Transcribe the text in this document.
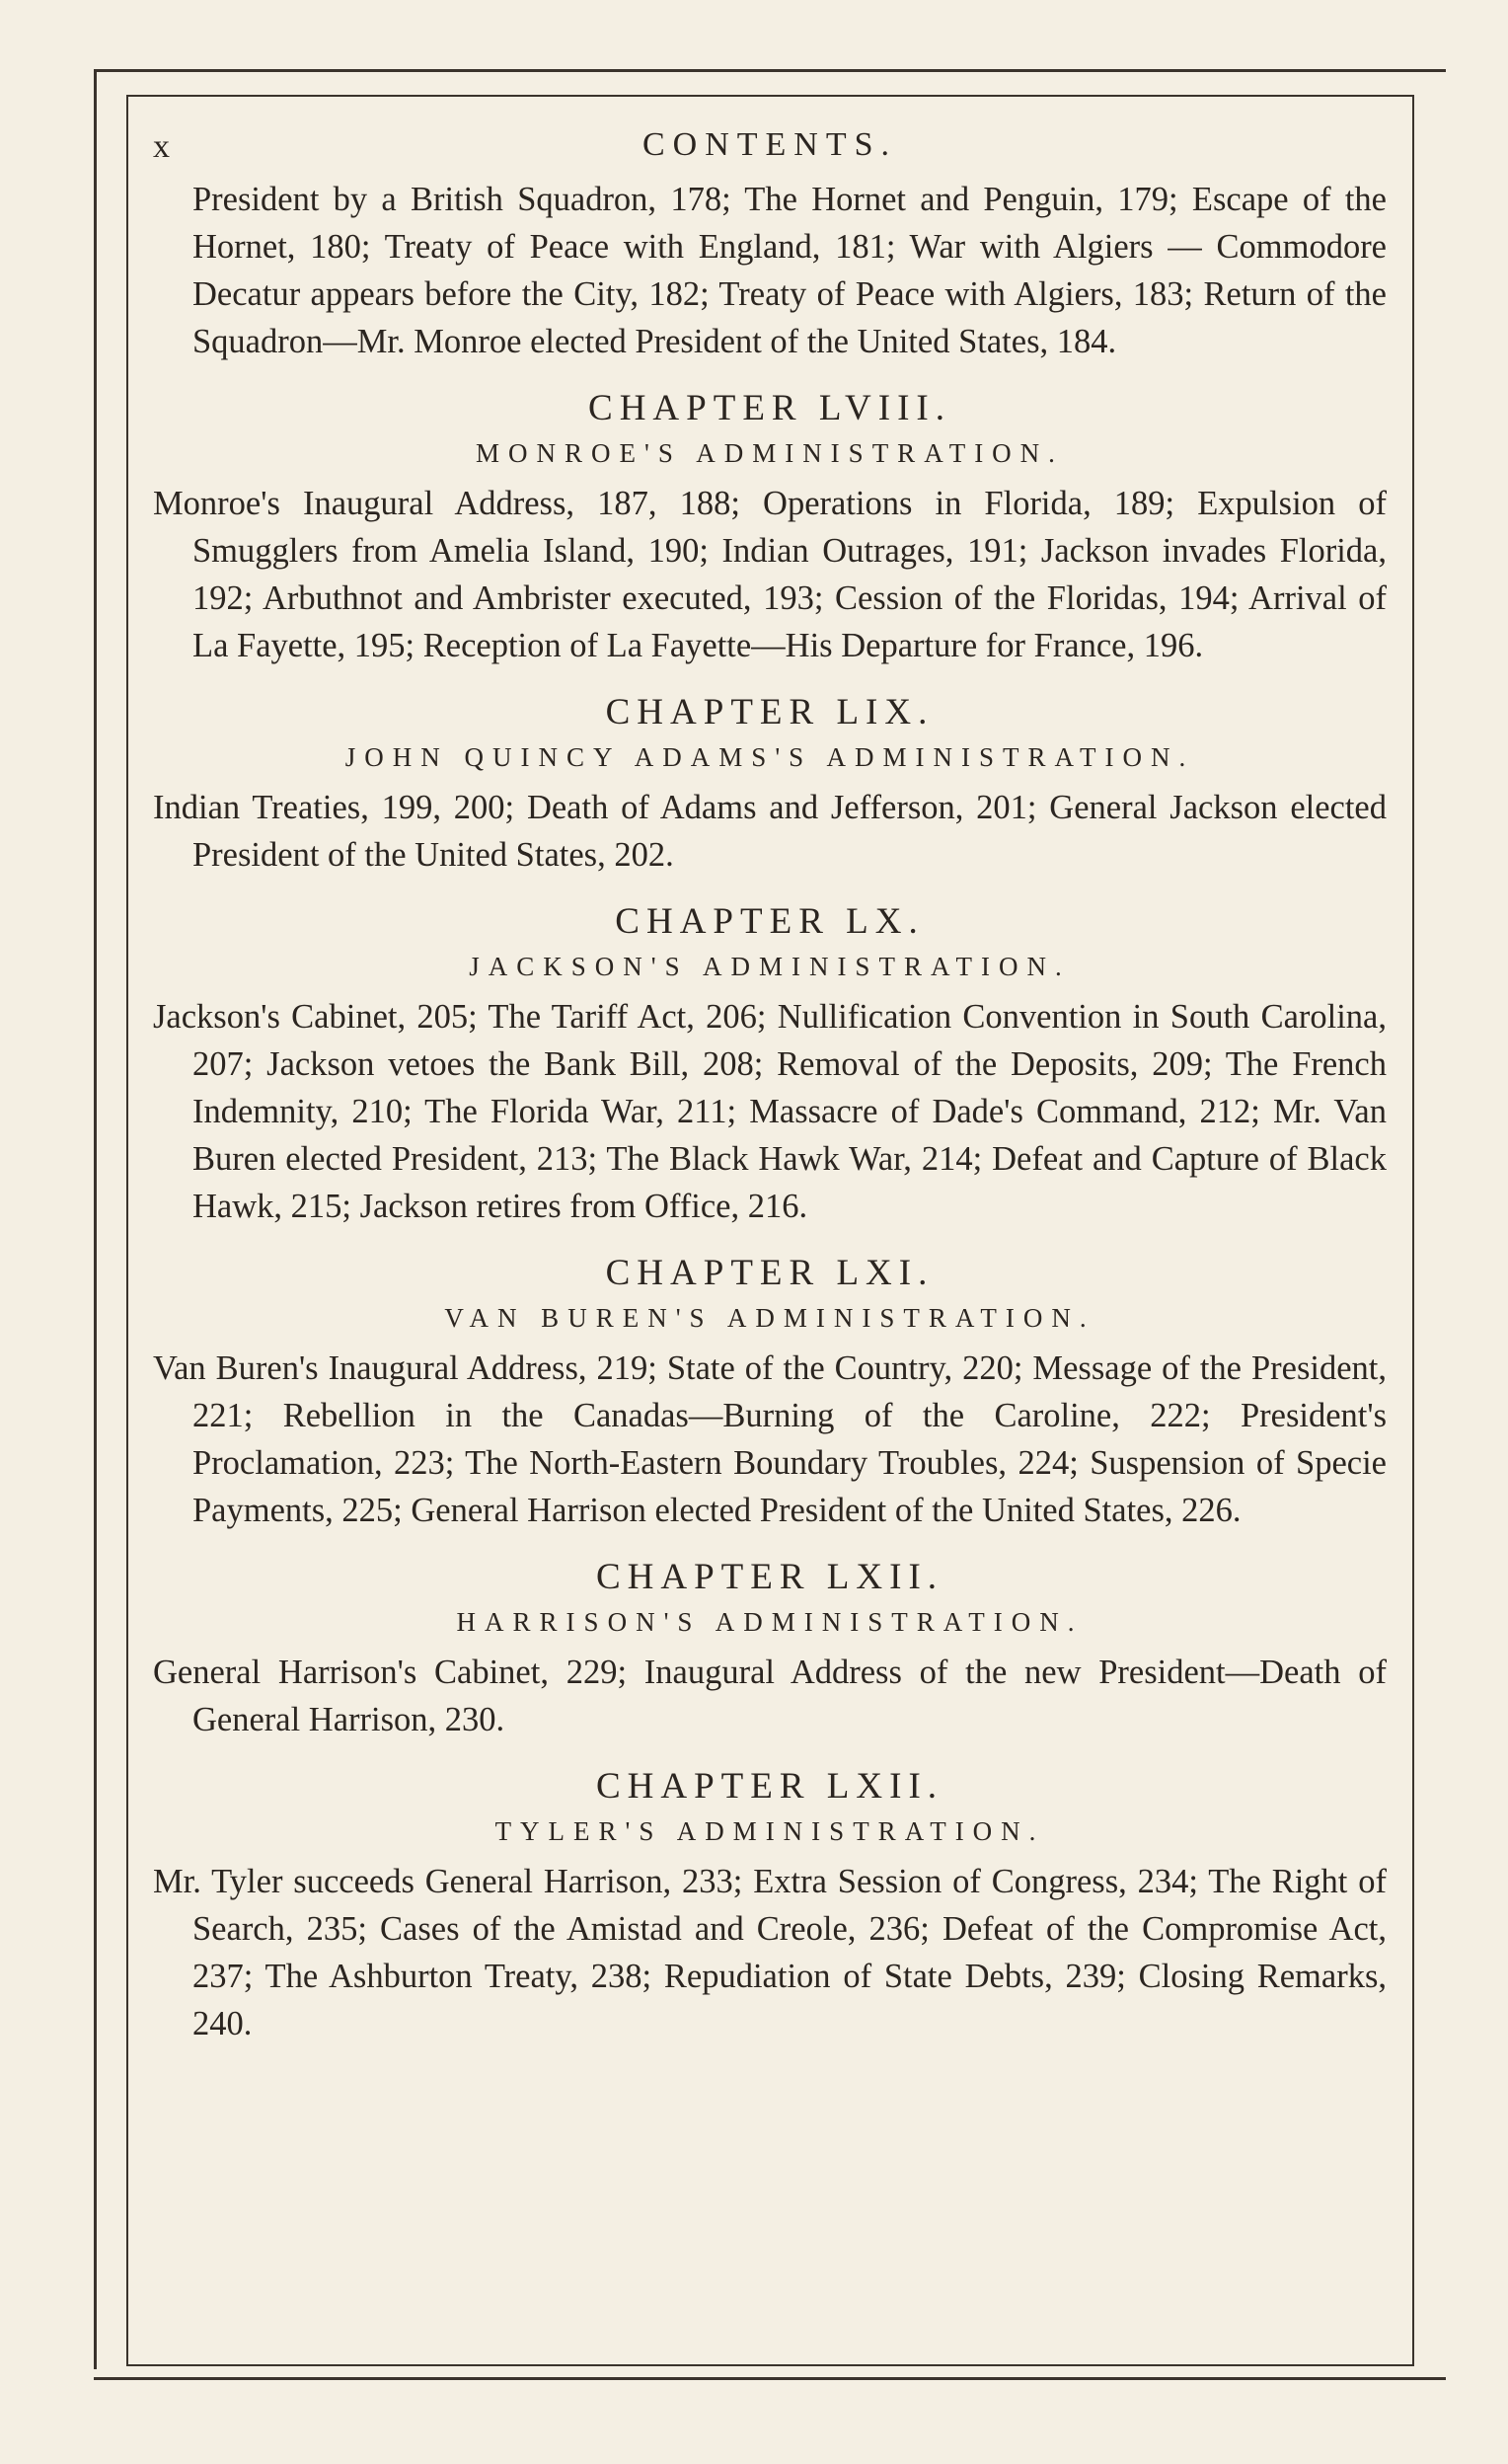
x	CONTENTS.

President by a British Squadron, 178; The Hornet and Penguin, 179; Escape of the Hornet, 180; Treaty of Peace with England, 181; War with Algiers — Commodore Decatur appears before the City, 182; Treaty of Peace with Algiers, 183; Return of the Squadron—Mr. Monroe elected President of the United States, 184.

CHAPTER LVIII.
MONROE'S ADMINISTRATION.

Monroe's Inaugural Address, 187, 188; Operations in Florida, 189; Expulsion of Smugglers from Amelia Island, 190; Indian Outrages, 191; Jackson invades Florida, 192; Arbuthnot and Ambrister executed, 193; Cession of the Floridas, 194; Arrival of La Fayette, 195; Reception of La Fayette—His Departure for France, 196.

CHAPTER LIX.
JOHN QUINCY ADAMS'S ADMINISTRATION.

Indian Treaties, 199, 200; Death of Adams and Jefferson, 201; General Jackson elected President of the United States, 202.

CHAPTER LX.
JACKSON'S ADMINISTRATION.

Jackson's Cabinet, 205; The Tariff Act, 206; Nullification Convention in South Carolina, 207; Jackson vetoes the Bank Bill, 208; Removal of the Deposits, 209; The French Indemnity, 210; The Florida War, 211; Massacre of Dade's Command, 212; Mr. Van Buren elected President, 213; The Black Hawk War, 214; Defeat and Capture of Black Hawk, 215; Jackson retires from Office, 216.

CHAPTER LXI.
VAN BUREN'S ADMINISTRATION.

Van Buren's Inaugural Address, 219; State of the Country, 220; Message of the President, 221; Rebellion in the Canadas—Burning of the Caroline, 222; President's Proclamation, 223; The North-Eastern Boundary Troubles, 224; Suspension of Specie Payments, 225; General Harrison elected President of the United States, 226.

CHAPTER LXII.
HARRISON'S ADMINISTRATION.

General Harrison's Cabinet, 229; Inaugural Address of the new President—Death of General Harrison, 230.

CHAPTER LXII.
TYLER'S ADMINISTRATION.

Mr. Tyler succeeds General Harrison, 233; Extra Session of Congress, 234; The Right of Search, 235; Cases of the Amistad and Creole, 236; Defeat of the Compromise Act, 237; The Ashburton Treaty, 238; Repudiation of State Debts, 239; Closing Remarks, 240.
